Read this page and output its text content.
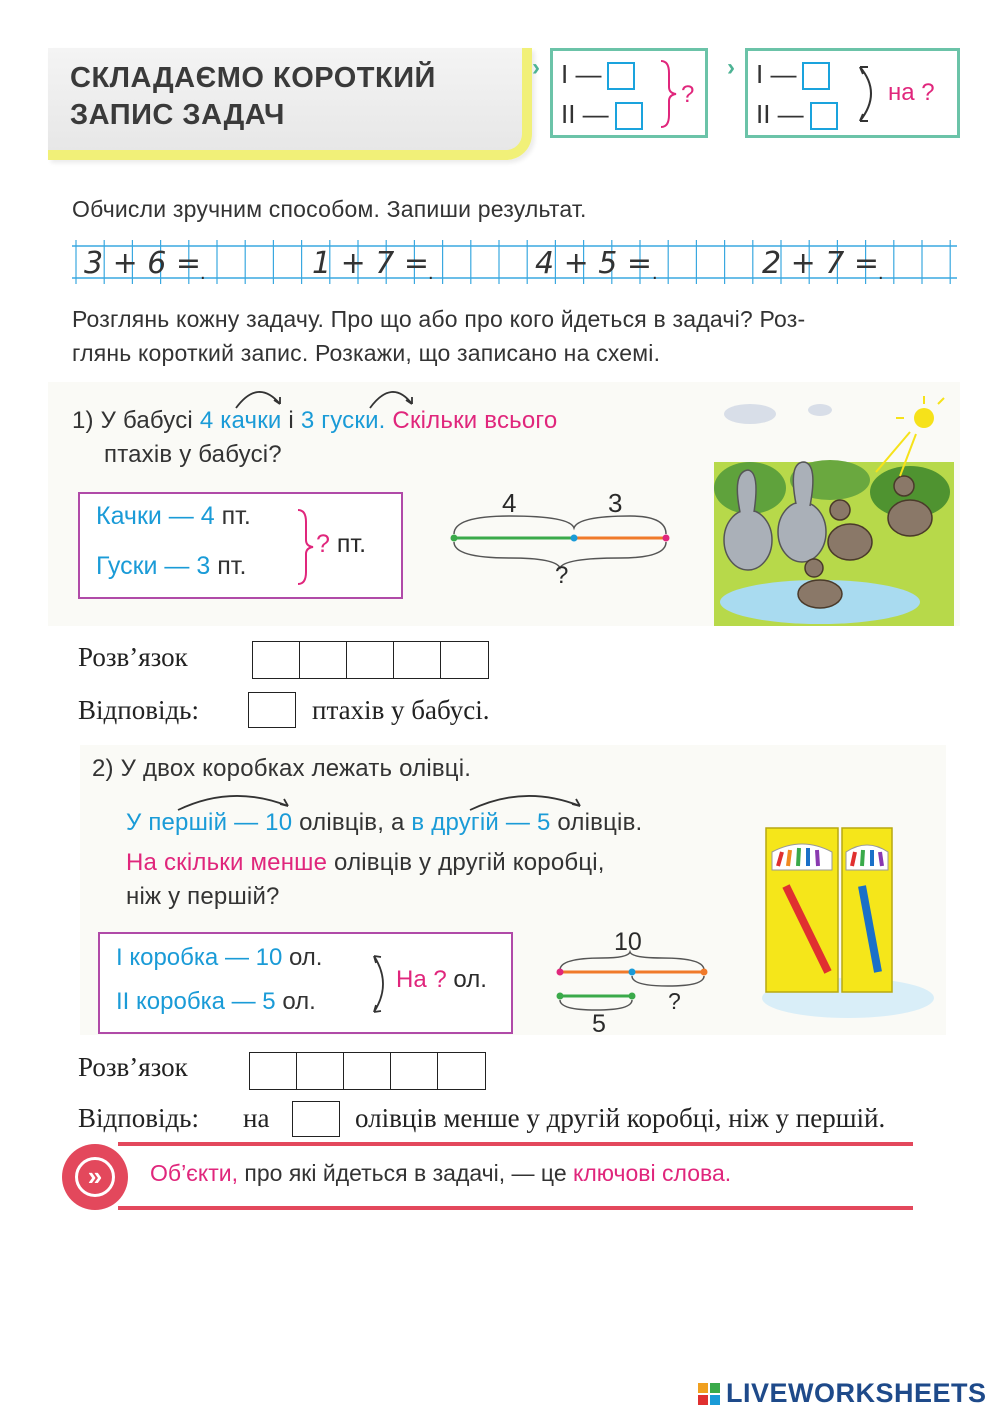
СКЛАДАЄМО КОРОТКИЙ
ЗАПИС ЗАДАЧ
› І —
ІІ —
?
› І —
ІІ —
на ?
Обчисли зручним способом. Запиши результат.
3 + 6 =	1 + 7 =	4 + 5 =	2 + 7 =
.	.	.	.
Розглянь кожну задачу. Про що або про кого йдеться в задачі? Роз-
глянь короткий запис. Розкажи, що записано на схемі.
1) У бабусі 4 качки і 3 гуски. Скільки всього
птахів у бабусі?
Качки — 4 пт.
Гуски — 3 пт.
? пт.
4	3
?
Розв’язок
Відповідь:	птахів у бабусі.
2) У двох коробках лежать олівці.
У першій — 10 олівців, а в другій — 5 олівців.
На скільки менше олівців у другій коробці,
ніж у першій?
І коробка — 10 ол.
ІІ коробка — 5 ол.
На ? ол.
10
5
?
Розв’язок
Відповідь: на	олівців менше у другій коробці, ніж у першій.
»	Об’єкти, про які йдеться в задачі, — це ключові слова.
LIVEWORKSHEETS
